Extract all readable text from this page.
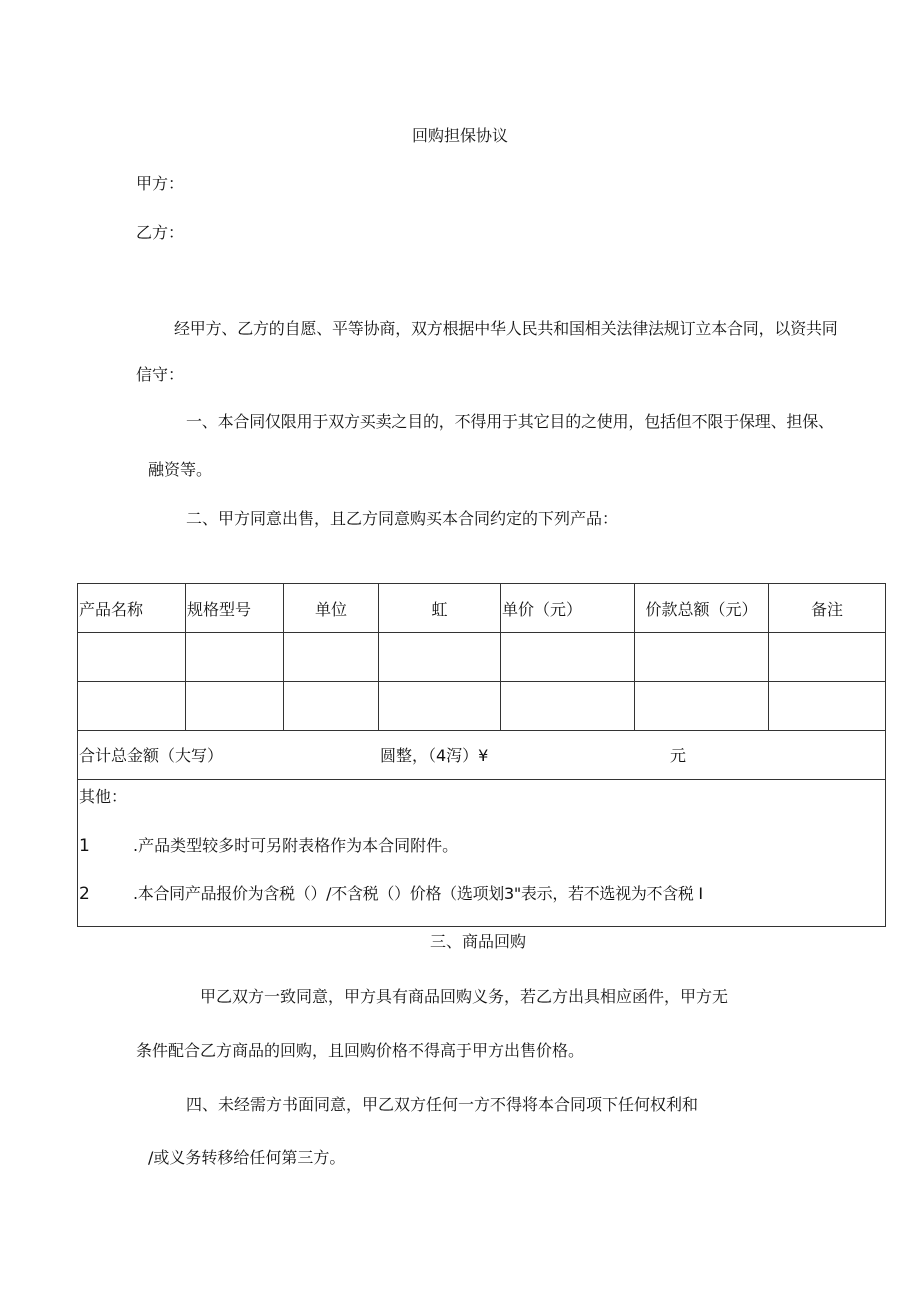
回购担保协议
甲方：
乙方：
经甲方、乙方的自愿、平等协商，双方根据中华人民共和国相关法律法规订立本合同，以资共同
信守：
一、本合同仅限用于双方买卖之目的，不得用于其它目的之使用，包括但不限于保理、担保、
融资等。
二、甲方同意出售，且乙方同意购买本合同约定的下列产品：
产品名称	规格型号	单位	虹	单价（元）	价款总额（元）	备注

合计总金额（大写） 圆整，（4泻）¥ 元						

其他：
1 .产品类型较多时可另附表格作为本合同附件。
2 .本合同产品报价为含税（）/不含税（）价格（选项划3"表示，若不选视为不含税 I						
三、商品回购
甲乙双方一致同意，甲方具有商品回购义务，若乙方出具相应函件，甲方无
条件配合乙方商品的回购，且回购价格不得高于甲方出售价格。
四、未经需方书面同意，甲乙双方任何一方不得将本合同项下任何权利和
/或义务转移给任何第三方。
